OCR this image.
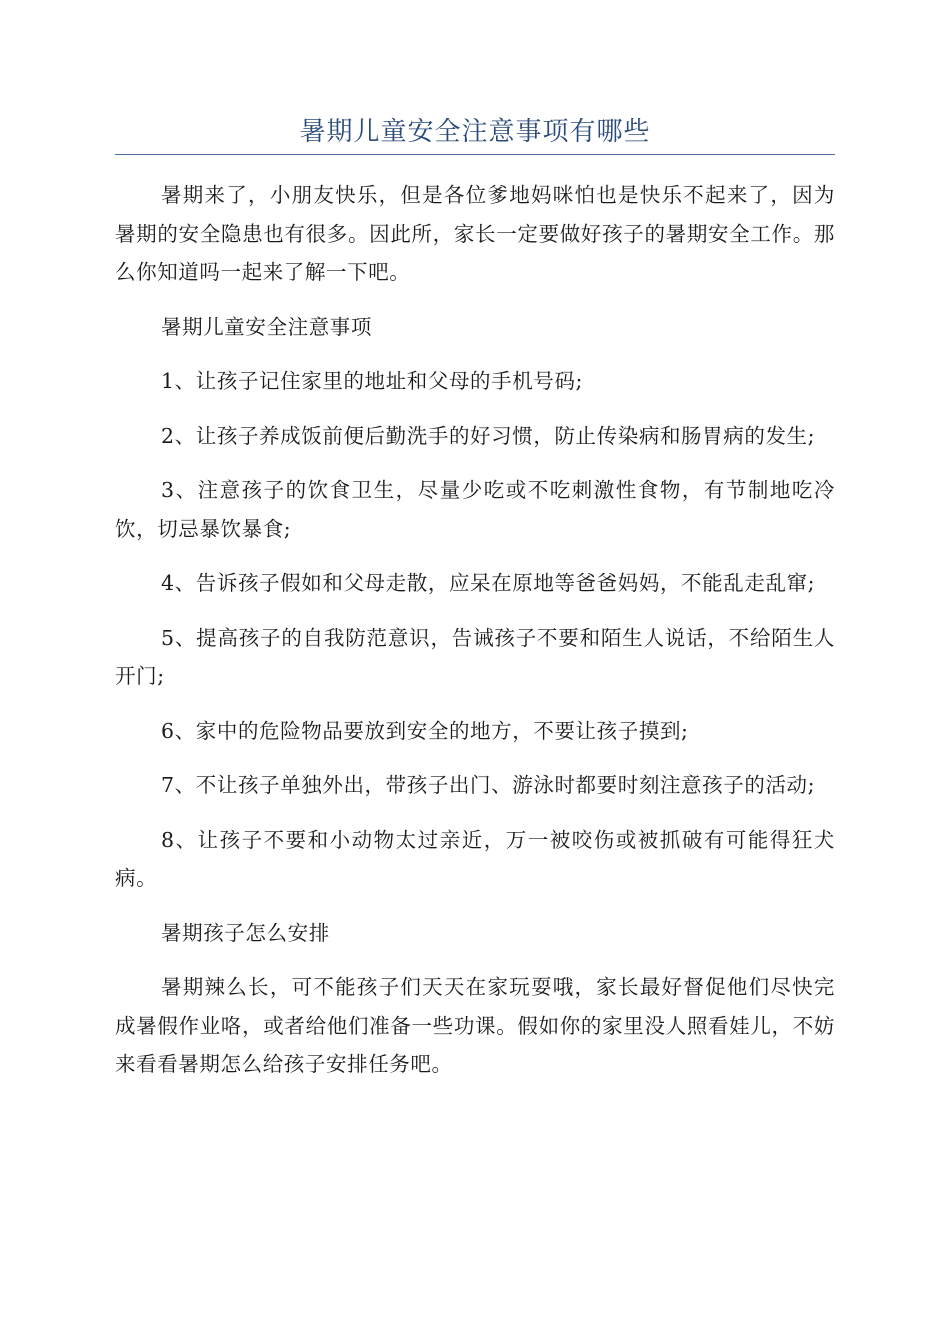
暑期儿童安全注意事项有哪些

暑期来了，小朋友快乐，但是各位爹地妈咪怕也是快乐不起来了，因为暑期的安全隐患也有很多。因此所，家长一定要做好孩子的暑期安全工作。那么你知道吗一起来了解一下吧。

暑期儿童安全注意事项

1、让孩子记住家里的地址和父母的手机号码;

2、让孩子养成饭前便后勤洗手的好习惯，防止传染病和肠胃病的发生;

3、注意孩子的饮食卫生，尽量少吃或不吃刺激性食物，有节制地吃冷饮，切忌暴饮暴食;

4、告诉孩子假如和父母走散，应呆在原地等爸爸妈妈，不能乱走乱窜;

5、提高孩子的自我防范意识，告诫孩子不要和陌生人说话，不给陌生人开门;

6、家中的危险物品要放到安全的地方，不要让孩子摸到;

7、不让孩子单独外出，带孩子出门、游泳时都要时刻注意孩子的活动;

8、让孩子不要和小动物太过亲近，万一被咬伤或被抓破有可能得狂犬病。

暑期孩子怎么安排

暑期辣么长，可不能孩子们天天在家玩耍哦，家长最好督促他们尽快完成暑假作业咯，或者给他们准备一些功课。假如你的家里没人照看娃儿，不妨来看看暑期怎么给孩子安排任务吧。
